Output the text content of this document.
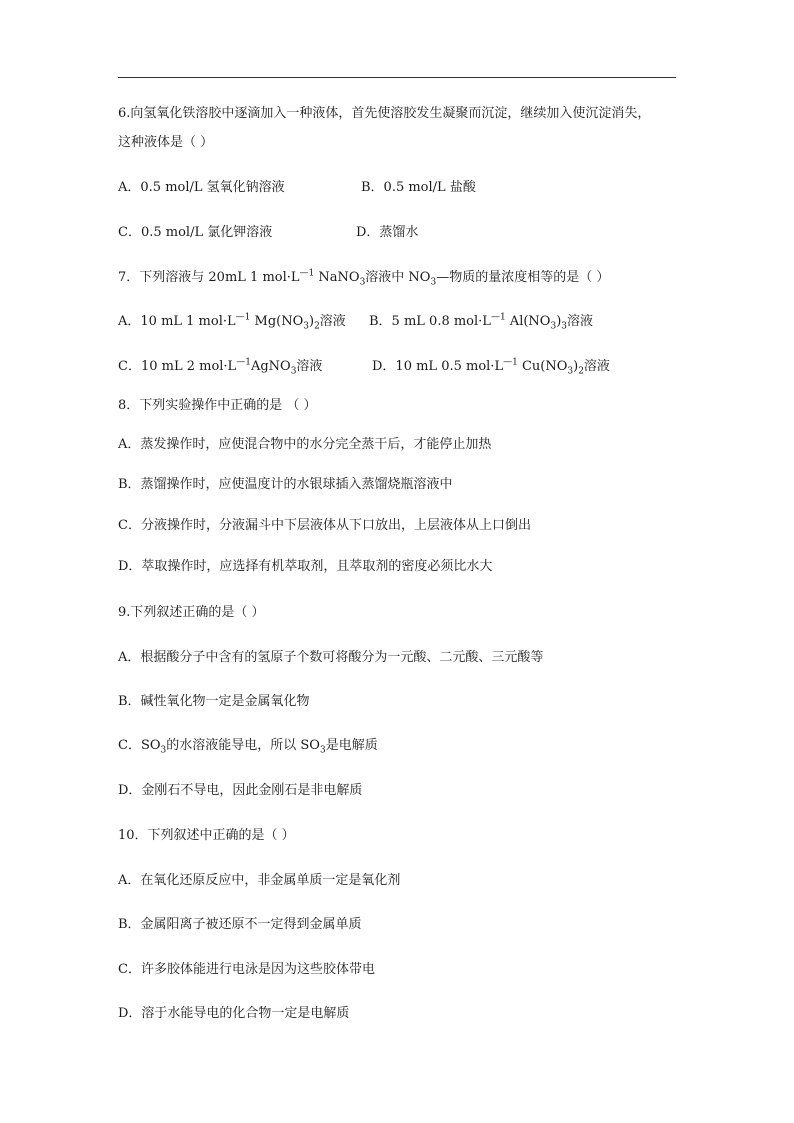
6.向氢氧化铁溶胶中逐滴加入一种液体，首先使溶胶发生凝聚而沉淀，继续加入使沉淀消失，
这种液体是（ ）
A．0.5 mol/L 氢氧化钠溶液	B．0.5 mol/L 盐酸
C．0.5 mol/L 氯化钾溶液	D．蒸馏水
7．下列溶液与 20mL 1 $mol\cdot L^{—1}$ NaNO$_3$溶液中 $NO_3—$物质的量浓度相等的是（ ）
A．10 mL 1 $mol\cdot L^{—1}$ $Mg(NO_3)_2$溶液 B．5 mL 0.8 $mol\cdot L^{—1}$ $Al(NO_3)_3$溶液
C．10 mL 2 $mol\cdot L^{—1}AgNO_3$溶液	D．10 mL 0.5 $mol\cdot L^{—1}$ $Cu(NO_3)_2$溶液
8．下列实验操作中正确的是 （ ）
A．蒸发操作时，应使混合物中的水分完全蒸干后，才能停止加热
B．蒸馏操作时，应使温度计的水银球插入蒸馏烧瓶溶液中
C．分液操作时，分液漏斗中下层液体从下口放出，上层液体从上口倒出
D．萃取操作时，应选择有机萃取剂，且萃取剂的密度必须比水大
9.下列叙述正确的是（ ）
A．根据酸分子中含有的氢原子个数可将酸分为一元酸、二元酸、三元酸等
B．碱性氧化物一定是金属氧化物
C．$SO_3$的水溶液能导电，所以 $SO_3$是电解质
D．金刚石不导电，因此金刚石是非电解质
10．下列叙述中正确的是（ ）
A．在氧化还原反应中，非金属单质一定是氧化剂
B．金属阳离子被还原不一定得到金属单质
C．许多胶体能进行电泳是因为这些胶体带电
D．溶于水能导电的化合物一定是电解质
